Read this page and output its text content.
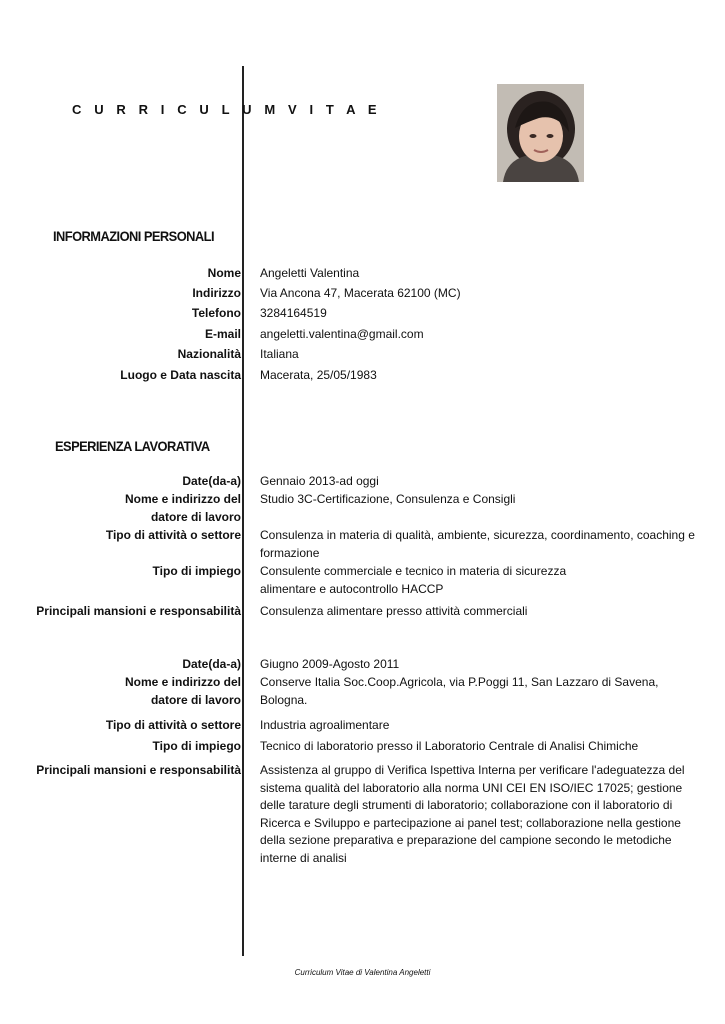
C U R R I C U L U M V I T A E
INFORMAZIONI PERSONALI
Nome Angeletti Valentina
Indirizzo Via Ancona 47, Macerata 62100 (MC)
Telefono 3284164519
E-mail angeletti.valentina@gmail.com
Nazionalità Italiana
Luogo e Data nascita Macerata, 25/05/1983
ESPERIENZA LAVORATIVA
Date(da-a) Gennaio 2013-ad oggi
Nome e indirizzo del
datore di lavoro
Studio 3C-Certificazione, Consulenza e Consigli
Tipo di attività o settore Consulenza in materia di qualità, ambiente, sicurezza, coordinamento, coaching e formazione
Tipo di impiego Consulente commerciale e tecnico in materia di sicurezza alimentare e autocontrollo HACCP
Principali mansioni e responsabilità Consulenza alimentare presso attività commerciali
Date(da-a) Giugno 2009-Agosto 2011
Nome e indirizzo del
datore di lavoro
Conserve Italia Soc.Coop.Agricola, via P.Poggi 11, San Lazzaro di Savena, Bologna.
Tipo di attività o settore Industria agroalimentare
Tipo di impiego Tecnico di laboratorio presso il Laboratorio Centrale di Analisi Chimiche
Principali mansioni e responsabilità Assistenza al gruppo di Verifica Ispettiva Interna per verificare l'adeguatezza del sistema qualità del laboratorio alla norma UNI CEI EN ISO/IEC 17025; gestione delle tarature degli strumenti di laboratorio; collaborazione con il laboratorio di Ricerca e Sviluppo e partecipazione ai panel test; collaborazione nella gestione della sezione preparativa e preparazione del campione secondo le metodiche interne di analisi
Curriculum Vitae di Valentina Angeletti
